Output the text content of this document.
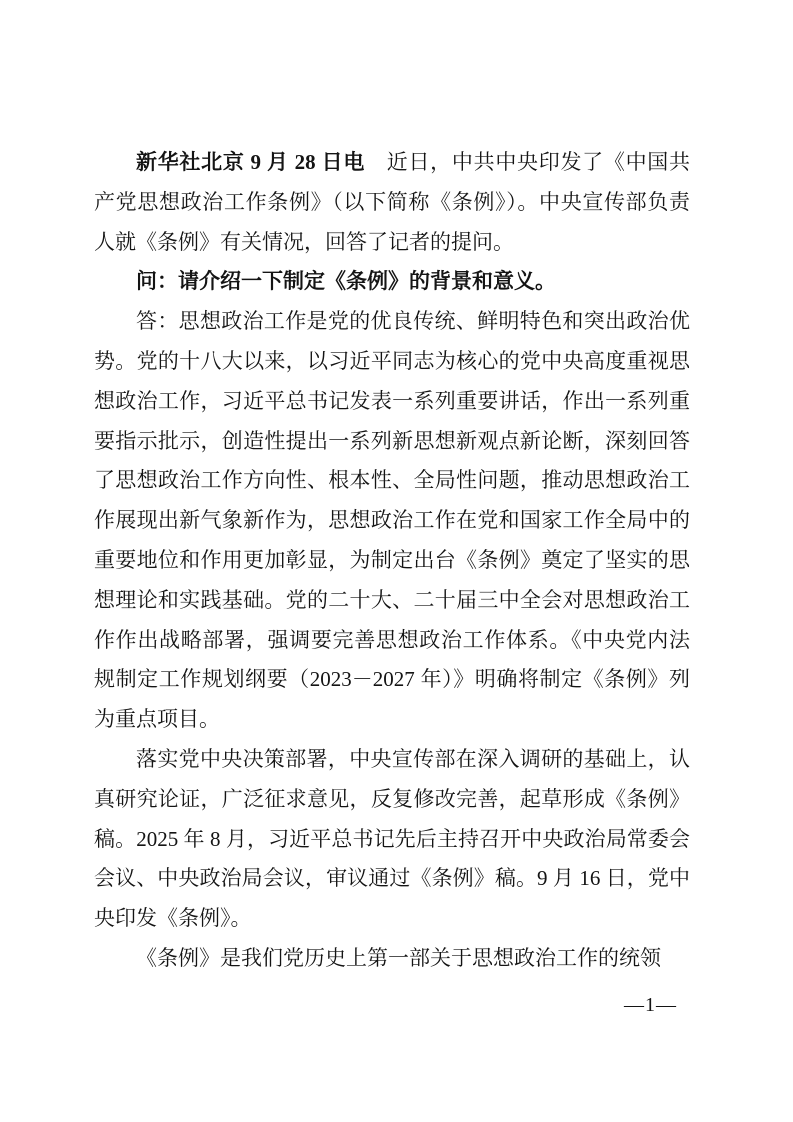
新华社北京 9 月 28 日电　近日，中共中央印发了《中国共产党思想政治工作条例》（以下简称《条例》）。中央宣传部负责人就《条例》有关情况，回答了记者的提问。

问：请介绍一下制定《条例》的背景和意义。

答：思想政治工作是党的优良传统、鲜明特色和突出政治优势。党的十八大以来，以习近平同志为核心的党中央高度重视思想政治工作，习近平总书记发表一系列重要讲话，作出一系列重要指示批示，创造性提出一系列新思想新观点新论断，深刻回答了思想政治工作方向性、根本性、全局性问题，推动思想政治工作展现出新气象新作为，思想政治工作在党和国家工作全局中的重要地位和作用更加彰显，为制定出台《条例》奠定了坚实的思想理论和实践基础。党的二十大、二十届三中全会对思想政治工作作出战略部署，强调要完善思想政治工作体系。《中央党内法规制定工作规划纲要（2023－2027 年）》明确将制定《条例》列为重点项目。

落实党中央决策部署，中央宣传部在深入调研的基础上，认真研究论证，广泛征求意见，反复修改完善，起草形成《条例》稿。2025 年 8 月，习近平总书记先后主持召开中央政治局常委会会议、中央政治局会议，审议通过《条例》稿。9 月 16 日，党中央印发《条例》。

《条例》是我们党历史上第一部关于思想政治工作的统领

—1—
